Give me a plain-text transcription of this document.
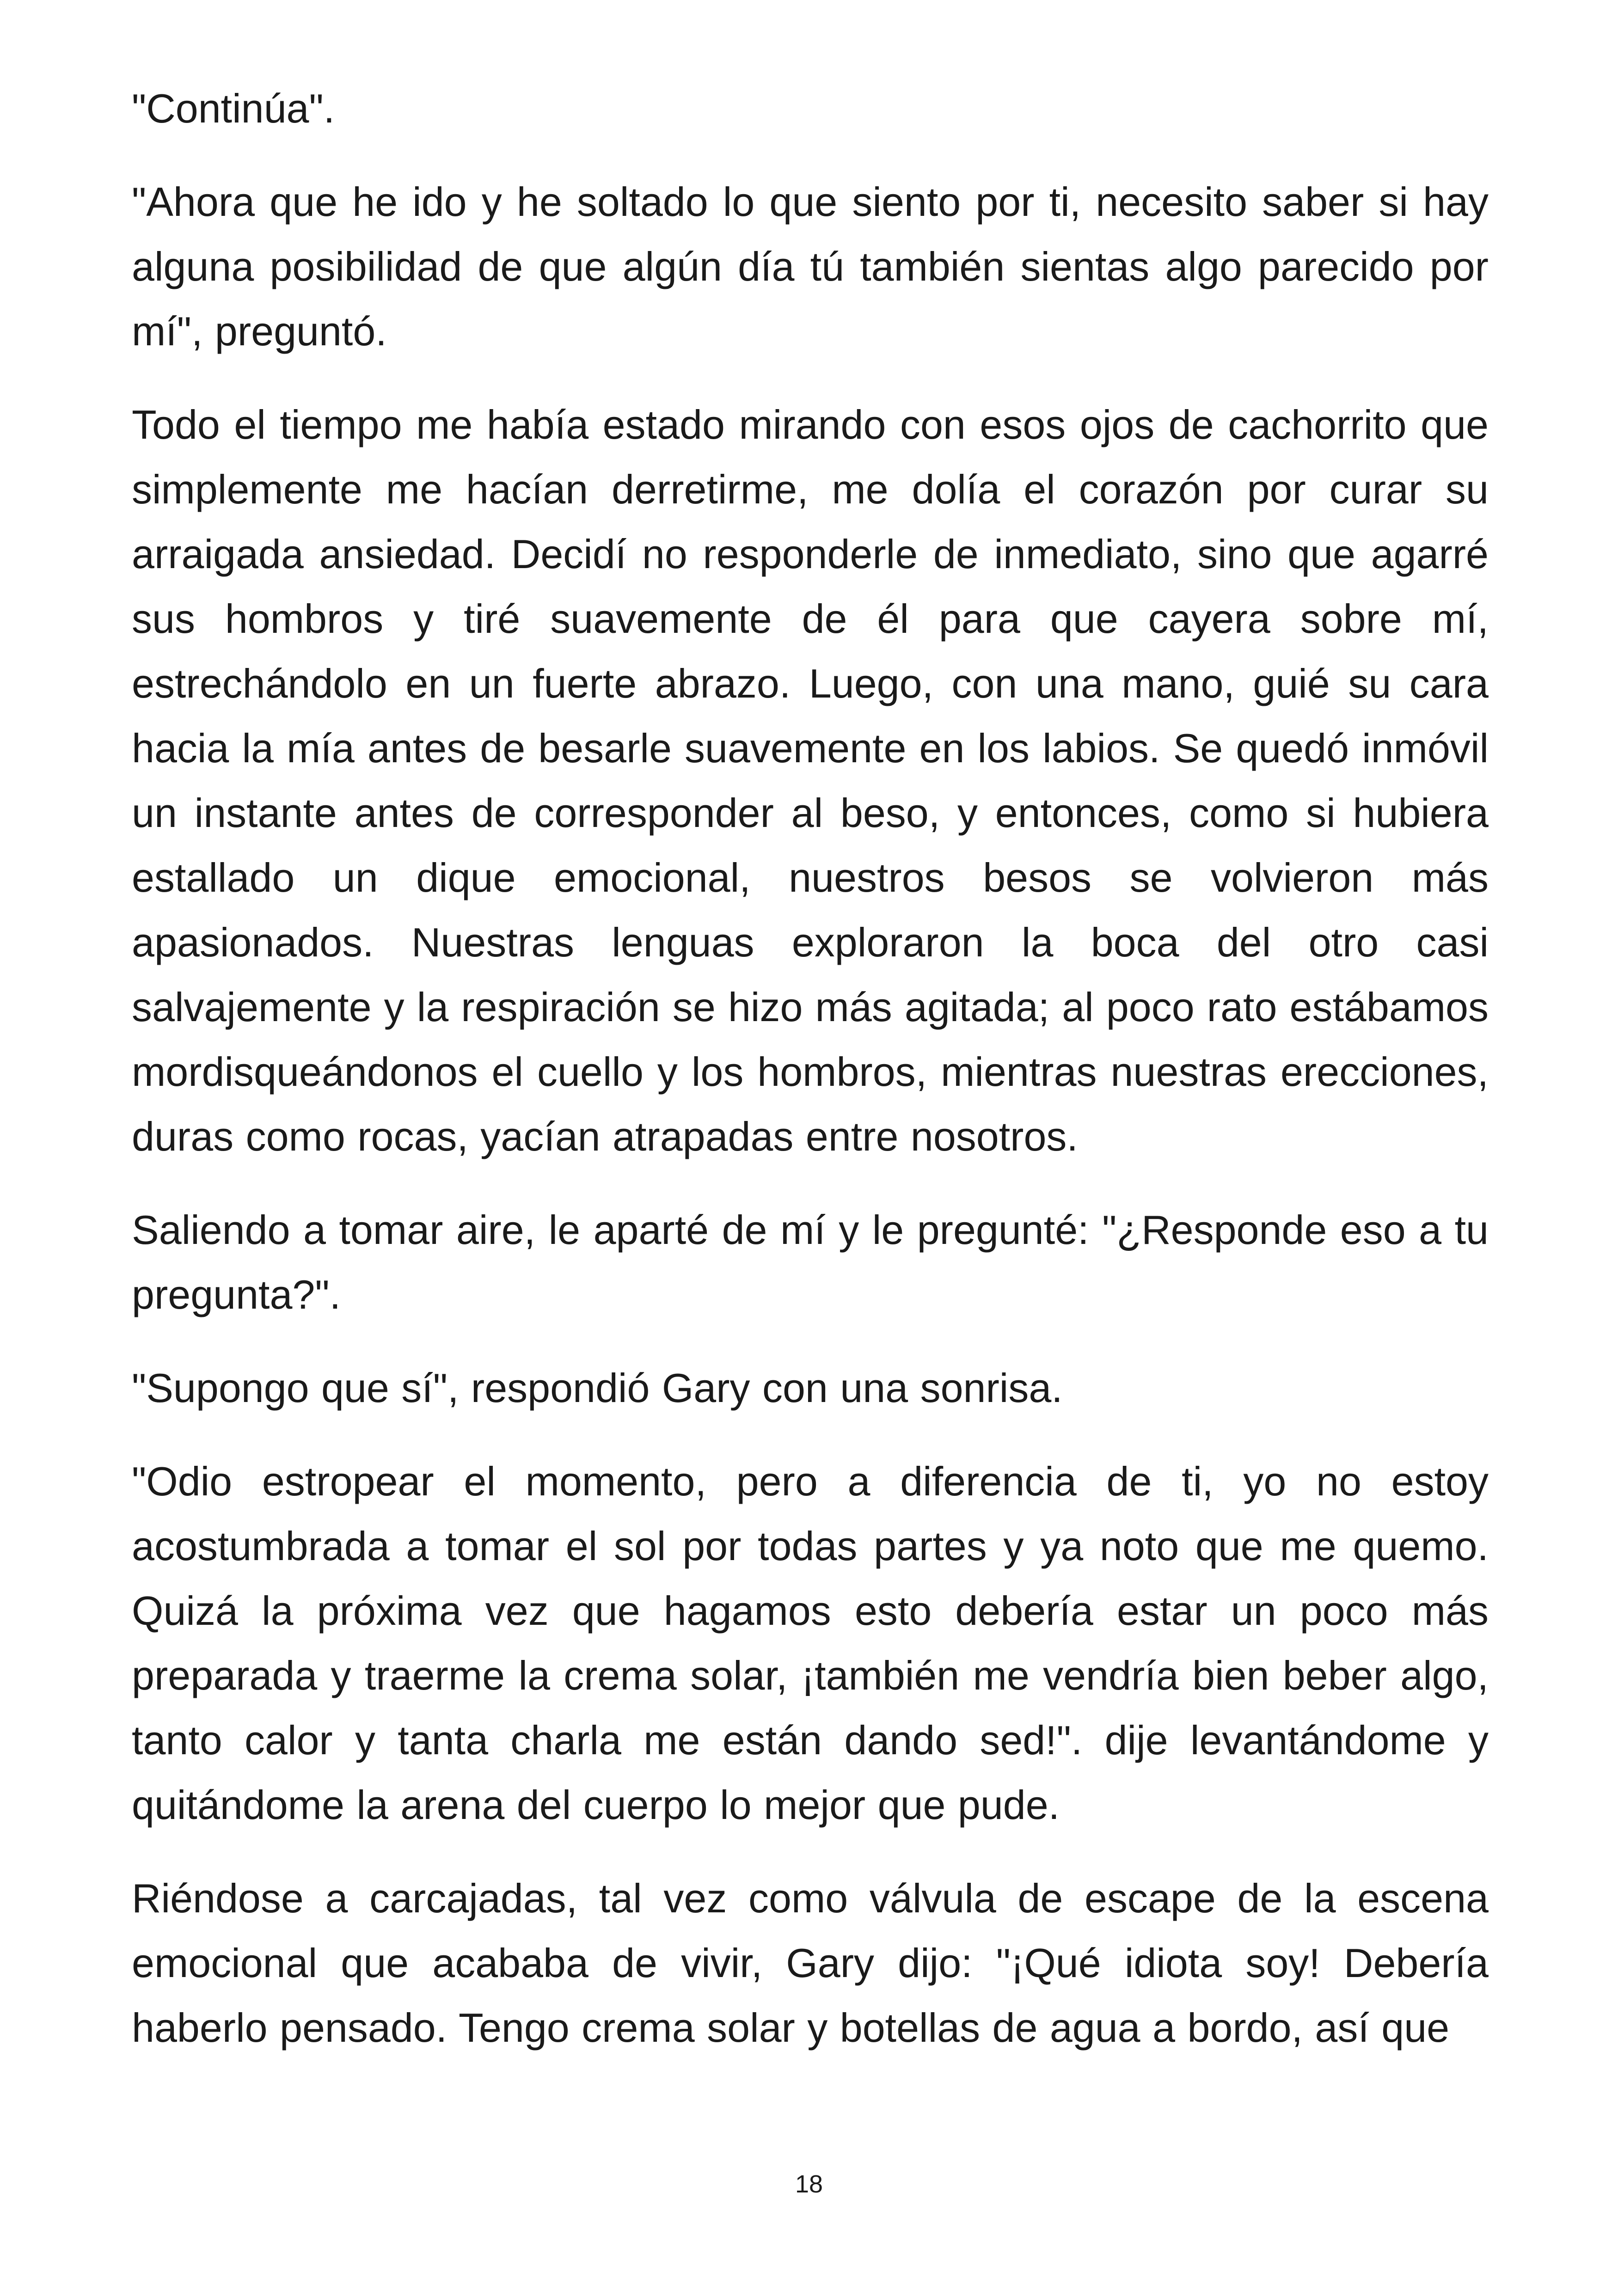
"Continúa".

"Ahora que he ido y he soltado lo que siento por ti, necesito saber si hay alguna posibilidad de que algún día tú también sientas algo parecido por mí", preguntó.

Todo el tiempo me había estado mirando con esos ojos de cachorrito que simplemente me hacían derretirme, me dolía el corazón por curar su arraigada ansiedad. Decidí no responderle de inmediato, sino que agarré sus hombros y tiré suavemente de él para que cayera sobre mí, estrechándolo en un fuerte abrazo. Luego, con una mano, guié su cara hacia la mía antes de besarle suavemente en los labios. Se quedó inmóvil un instante antes de corresponder al beso, y entonces, como si hubiera estallado un dique emocional, nuestros besos se volvieron más apasionados. Nuestras lenguas exploraron la boca del otro casi salvajemente y la respiración se hizo más agitada; al poco rato estábamos mordisqueándonos el cuello y los hombros, mientras nuestras erecciones, duras como rocas, yacían atrapadas entre nosotros.

Saliendo a tomar aire, le aparté de mí y le pregunté: "¿Responde eso a tu pregunta?".

"Supongo que sí", respondió Gary con una sonrisa.

"Odio estropear el momento, pero a diferencia de ti, yo no estoy acostumbrada a tomar el sol por todas partes y ya noto que me quemo. Quizá la próxima vez que hagamos esto debería estar un poco más preparada y traerme la crema solar, ¡también me vendría bien beber algo, tanto calor y tanta charla me están dando sed!". dije levantándome y quitándome la arena del cuerpo lo mejor que pude.

Riéndose a carcajadas, tal vez como válvula de escape de la escena emocional que acababa de vivir, Gary dijo: "¡Qué idiota soy! Debería haberlo pensado. Tengo crema solar y botellas de agua a bordo, así que

18
